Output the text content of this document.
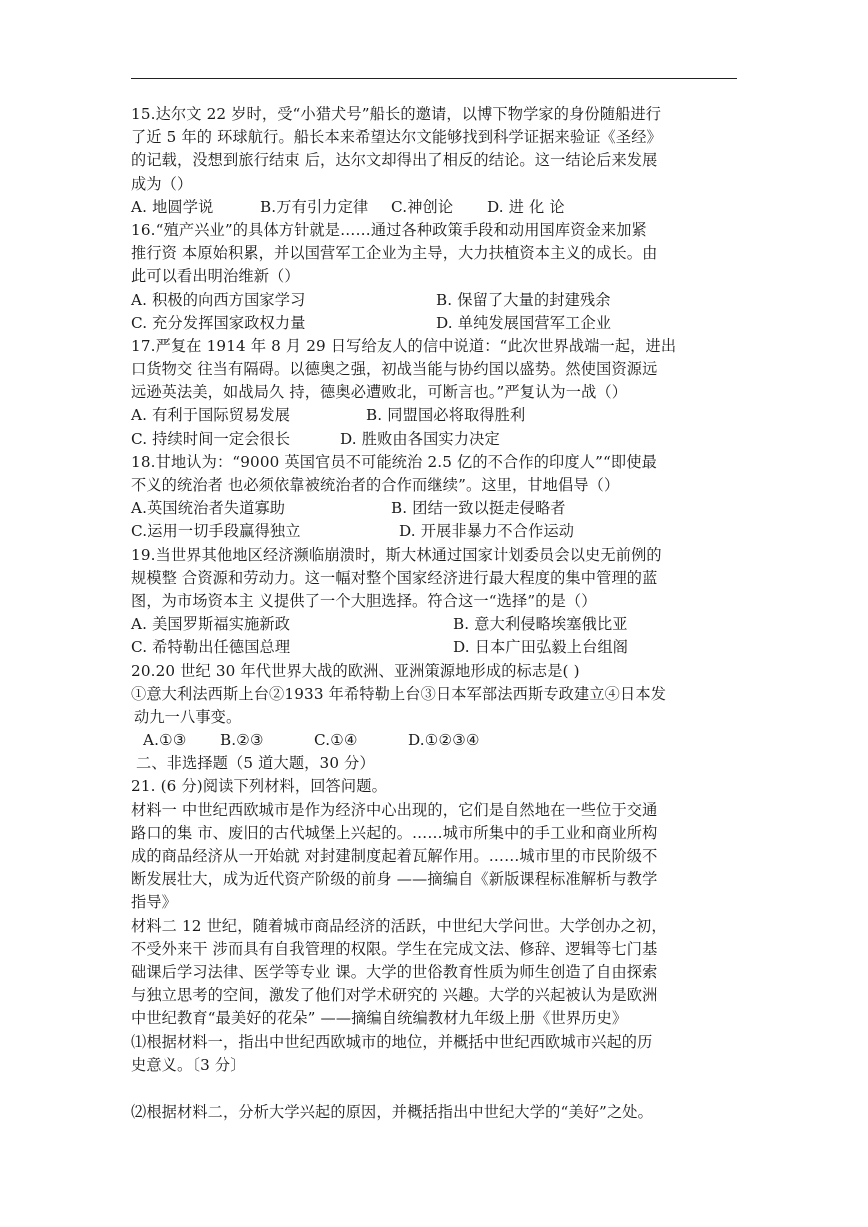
15.达尔文 22 岁时，受“小猎犬号”船长的邀请，以博下物学家的身份随船进行
了近 5 年的 环球航行。船长本来希望达尔文能够找到科学证据来验证《圣经》
的记载，没想到旅行结束 后，达尔文却得出了相反的结论。这一结论后来发展
成为（）
A. 地圆学说	B.万有引力定律 C.神创论 D. 进 化 论
16.“殖产兴业”的具体方针就是……通过各种政策手段和动用国库资金来加紧
推行资 本原始积累，并以国营军工企业为主导，大力扶植资本主义的成长。由
此可以看出明治维新（）
A. 积极的向西方国家学习	B. 保留了大量的封建残余
C. 充分发挥国家政权力量	D. 单纯发展国营军工企业
17.严复在 1914 年 8 月 29 日写给友人的信中说道：“此次世界战端一起，进出
口货物交 往当有隔碍。以德奥之强，初战当能与协约国以盛势。然使国资源远
远逊英法美，如战局久 持，德奥必遭败北，可断言也。”严复认为一战（）
A. 有利于国际贸易发展	B. 同盟国必将取得胜利
C. 持续时间一定会很长	D. 胜败由各国实力决定
18.甘地认为：“9000 英国官员不可能统治 2.5 亿的不合作的印度人”“即使最
不义的统治者 也必须依靠被统治者的合作而继续”。这里，甘地倡导（）
A.英国统治者失道寡助	B. 团结一致以挺走侵略者
C.运用一切手段赢得独立	D. 开展非暴力不合作运动
19.当世界其他地区经济濒临崩溃时，斯大林通过国家计划委员会以史无前例的
规模整 合资源和劳动力。这一幅对整个国家经济进行最大程度的集中管理的蓝
图，为市场资本主 义提供了一个大胆选择。符合这一“选择”的是（）
A. 美国罗斯福实施新政	B. 意大利侵略埃塞俄比亚
C. 希特勒出任德国总理	D. 日本广田弘毅上台组阁
20.20 世纪 30 年代世界大战的欧洲、亚洲策源地形成的标志是( )
①意大利法西斯上台②1933 年希特勒上台③日本军部法西斯专政建立④日本发
动九一八事变。
A.①③ B.②③	C.①④	D.①②③④
二、非选择题（5 道大题，30 分）
21. (6 分)阅读下列材料，回答问题。
材料一 中世纪西欧城市是作为经济中心出现的，它们是自然地在一些位于交通
路口的集 市、废旧的古代城堡上兴起的。……城市所集中的手工业和商业所构
成的商品经济从一开始就 对封建制度起着瓦解作用。……城市里的市民阶级不
断发展壮大，成为近代资产阶级的前身 ——摘编自《新版课程标准解析与教学
指导》
材料二 12 世纪，随着城市商品经济的活跃，中世纪大学问世。大学创办之初，
不受外来干 涉而具有自我管理的权限。学生在完成文法、修辞、逻辑等七门基
础课后学习法律、医学等专业 课。大学的世俗教育性质为师生创造了自由探索
与独立思考的空间，激发了他们对学术研究的 兴趣。大学的兴起被认为是欧洲
中世纪教育“最美好的花朵” ——摘编自统编教材九年级上册《世界历史》
⑴根据材料一，指出中世纪西欧城市的地位，并概括中世纪西欧城市兴起的历
史意义。〔3 分〕
⑵根据材料二，分析大学兴起的原因，并概括指出中世纪大学的“美好”之处。
